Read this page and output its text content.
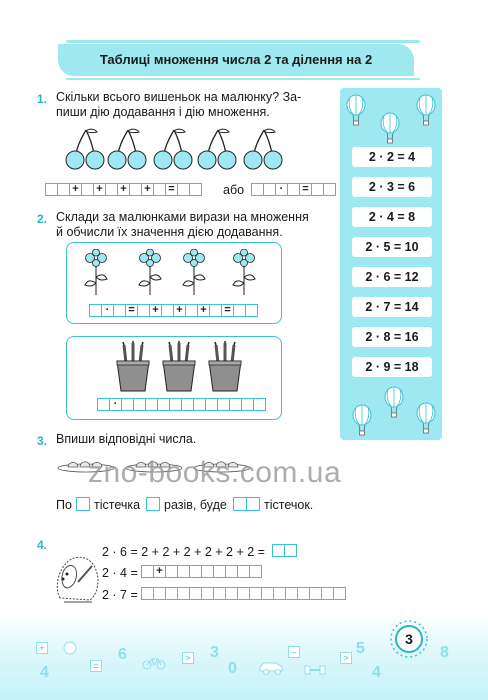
Таблиці множення числа 2 та ділення на 2
1. Скільки всього вишеньок на малюнку? За-
пиши дію додавання і дію множення.
+ + + + =	або	·	=
2. Склади за малюнками вирази на множення
й обчисли їх значення дією додавання.
·	= + + + =
·
2 · 2 = 4
2 · 3 = 6
2 · 4 = 8
2 · 5 = 10
2 · 6 = 12
2 · 7 = 14
2 · 8 = 16
2 · 9 = 18
3. Впиши відповідні числа.
zno-books.com.ua
По тістечка разів, буде	тістечок.
4.	2 · 6 = 2 + 2 + 2 + 2 + 2 + 2 =
2 · 4 = +
2 · 7 =
+
4	=
6	> 3
0
–
>
5
4
8
3
